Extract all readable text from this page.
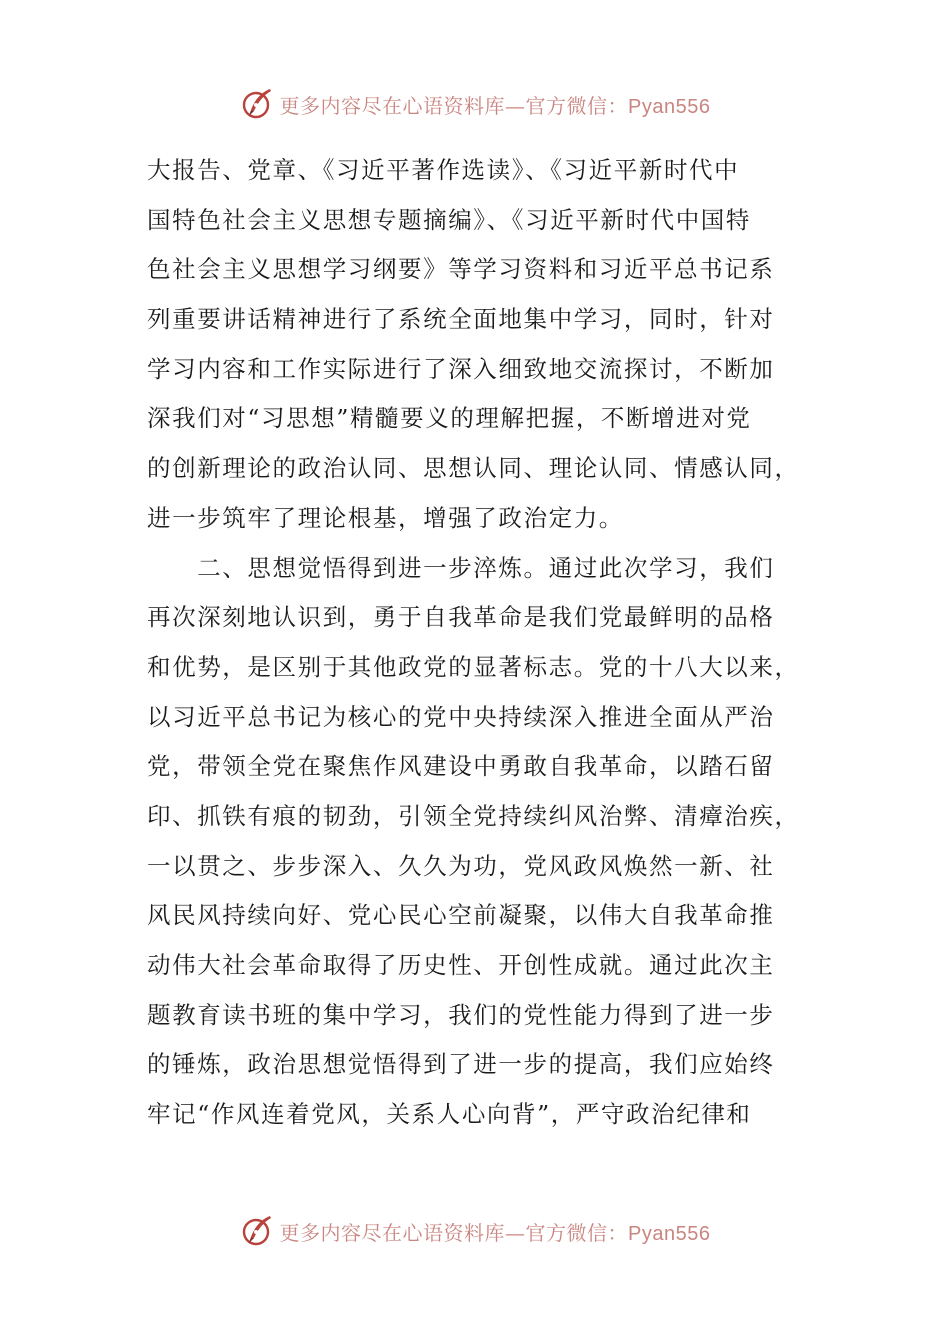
更多内容尽在心语资料库—官方微信：Pyan556
大报告、党章、《习近平著作选读》、《习近平新时代中
国特色社会主义思想专题摘编》、《习近平新时代中国特
色社会主义思想学习纲要》等学习资料和习近平总书记系
列重要讲话精神进行了系统全面地集中学习，同时，针对
学习内容和工作实际进行了深入细致地交流探讨，不断加
深我们对“习思想”精髓要义的理解把握，不断增进对党
的创新理论的政治认同、思想认同、理论认同、情感认同，
进一步筑牢了理论根基，增强了政治定力。
　　二、思想觉悟得到进一步淬炼。通过此次学习，我们
再次深刻地认识到，勇于自我革命是我们党最鲜明的品格
和优势，是区别于其他政党的显著标志。党的十八大以来，
以习近平总书记为核心的党中央持续深入推进全面从严治
党，带领全党在聚焦作风建设中勇敢自我革命，以踏石留
印、抓铁有痕的韧劲，引领全党持续纠风治弊、清瘴治疾，
一以贯之、步步深入、久久为功，党风政风焕然一新、社
风民风持续向好、党心民心空前凝聚，以伟大自我革命推
动伟大社会革命取得了历史性、开创性成就。通过此次主
题教育读书班的集中学习，我们的党性能力得到了进一步
的锤炼，政治思想觉悟得到了进一步的提高，我们应始终
牢记“作风连着党风，关系人心向背”，严守政治纪律和
更多内容尽在心语资料库—官方微信：Pyan556
